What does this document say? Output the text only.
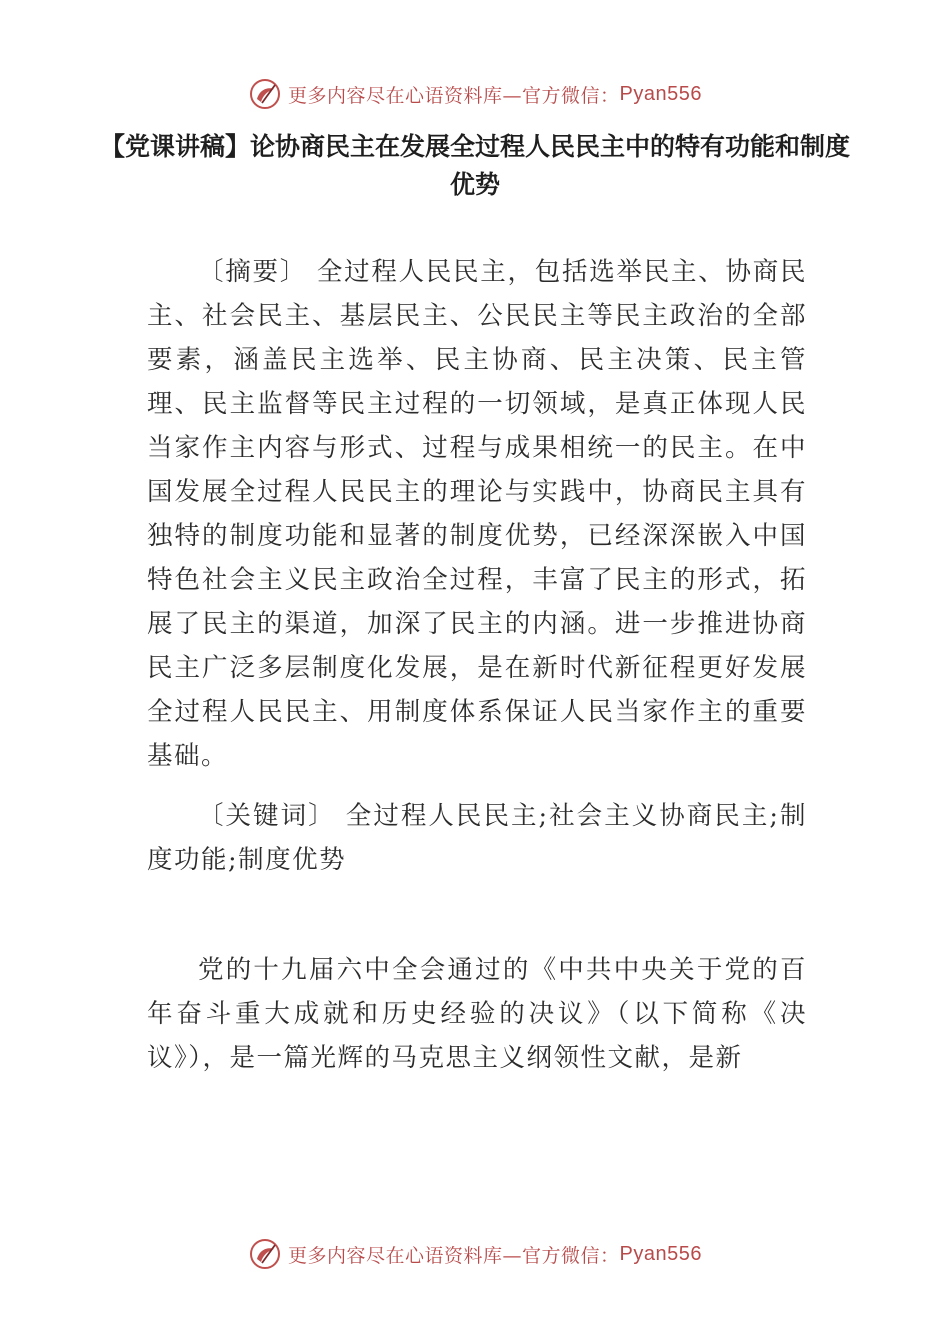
更多内容尽在心语资料库—官方微信： Pyan556
【党课讲稿】论协商民主在发展全过程人民民主中的特有功能和制度优势

〔摘要〕 全过程人民民主，包括选举民主、协商民主、社会民主、基层民主、公民民主等民主政治的全部要素，涵盖民主选举、民主协商、民主决策、民主管理、民主监督等民主过程的一切领域，是真正体现人民当家作主内容与形式、过程与成果相统一的民主。在中国发展全过程人民民主的理论与实践中，协商民主具有独特的制度功能和显著的制度优势，已经深深嵌入中国特色社会主义民主政治全过程，丰富了民主的形式，拓展了民主的渠道，加深了民主的内涵。进一步推进协商民主广泛多层制度化发展，是在新时代新征程更好发展全过程人民民主、用制度体系保证人民当家作主的重要基础。

〔关键词〕 全过程人民民主;社会主义协商民主;制度功能;制度优势

党的十九届六中全会通过的《中共中央关于党的百年奋斗重大成就和历史经验的决议》（以下简称《决议》），是一篇光辉的马克思主义纲领性文献，是新

更多内容尽在心语资料库—官方微信： Pyan556
